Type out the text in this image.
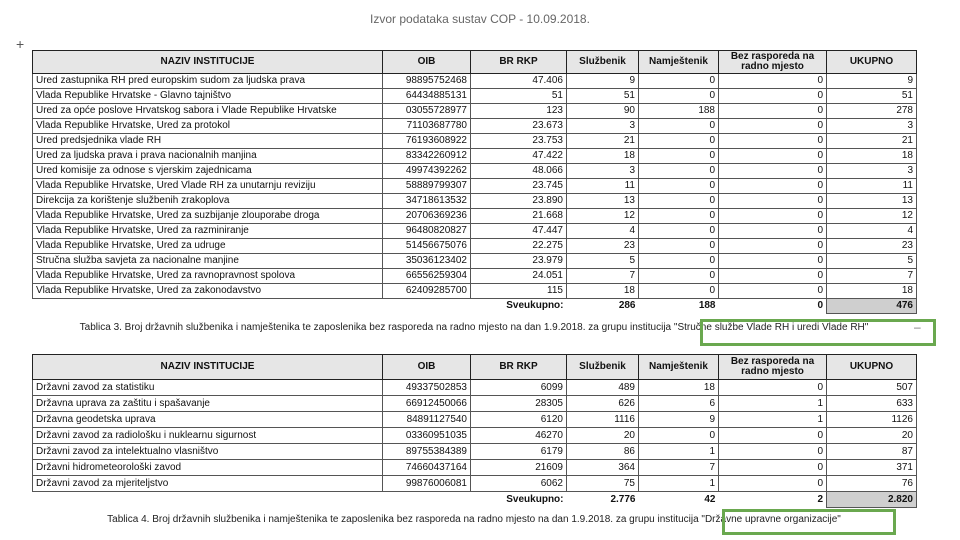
Izvor podataka sustav COP - 10.09.2018.
+
–
NAZIV INSTITUCIJE	OIB	BR RKP	Službenik	Namještenik	Bez rasporeda na radno mjesto	UKUPNO
Ured zastupnika RH pred europskim sudom za ljudska prava	98895752468	47.406	9	0	0	9
Vlada Republike Hrvatske - Glavno tajništvo	64434885131	51	51	0	0	51
Ured za opće poslove Hrvatskog sabora i Vlade Republike Hrvatske	03055728977	123	90	188	0	278
Vlada Republike Hrvatske, Ured za protokol	71103687780	23.673	3	0	0	3
Ured predsjednika vlade RH	76193608922	23.753	21	0	0	21
Ured za ljudska prava i prava nacionalnih manjina	83342260912	47.422	18	0	0	18
Ured komisije za odnose s vjerskim zajednicama	49974392262	48.066	3	0	0	3
Vlada Republike Hrvatske, Ured Vlade RH za unutarnju reviziju	58889799307	23.745	11	0	0	11
Direkcija za korištenje službenih zrakoplova	34718613532	23.890	13	0	0	13
Vlada Republike Hrvatske, Ured za suzbijanje zlouporabe droga	20706369236	21.668	12	0	0	12
Vlada Republike Hrvatske, Ured za razminiranje	96480820827	47.447	4	0	0	4
Vlada Republike Hrvatske, Ured za udruge	51456675076	22.275	23	0	0	23
Stručna služba savjeta za nacionalne manjine	35036123402	23.979	5	0	0	5
Vlada Republike Hrvatske, Ured za ravnopravnost spolova	66556259304	24.051	7	0	0	7
Vlada Republike Hrvatske, Ured za zakonodavstvo	62409285700	115	18	0	0	18
		Sveukupno:	286	188	0	476
Tablica 3. Broj državnih službenika i namještenika te zaposlenika bez rasporeda na radno mjesto na dan 1.9.2018. za grupu institucija "Stručne službe Vlade RH i uredi Vlade RH"
NAZIV INSTITUCIJE	OIB	BR RKP	Službenik	Namještenik	Bez rasporeda na radno mjesto	UKUPNO
Državni zavod za statistiku	49337502853	6099	489	18	0	507
Državna uprava za zaštitu i spašavanje	66912450066	28305	626	6	1	633
Državna geodetska uprava	84891127540	6120	1116	9	1	1126
Državni zavod za radiološku i nuklearnu sigurnost	03360951035	46270	20	0	0	20
Državni zavod za intelektualno vlasništvo	89755384389	6179	86	1	0	87
Državni hidrometeorološki zavod	74660437164	21609	364	7	0	371
Državni zavod za mjeriteljstvo	99876006081	6062	75	1	0	76
		Sveukupno:	2.776	42	2	2.820
Tablica 4. Broj državnih službenika i namještenika te zaposlenika bez rasporeda na radno mjesto na dan 1.9.2018. za grupu institucija "Državne upravne organizacije"
